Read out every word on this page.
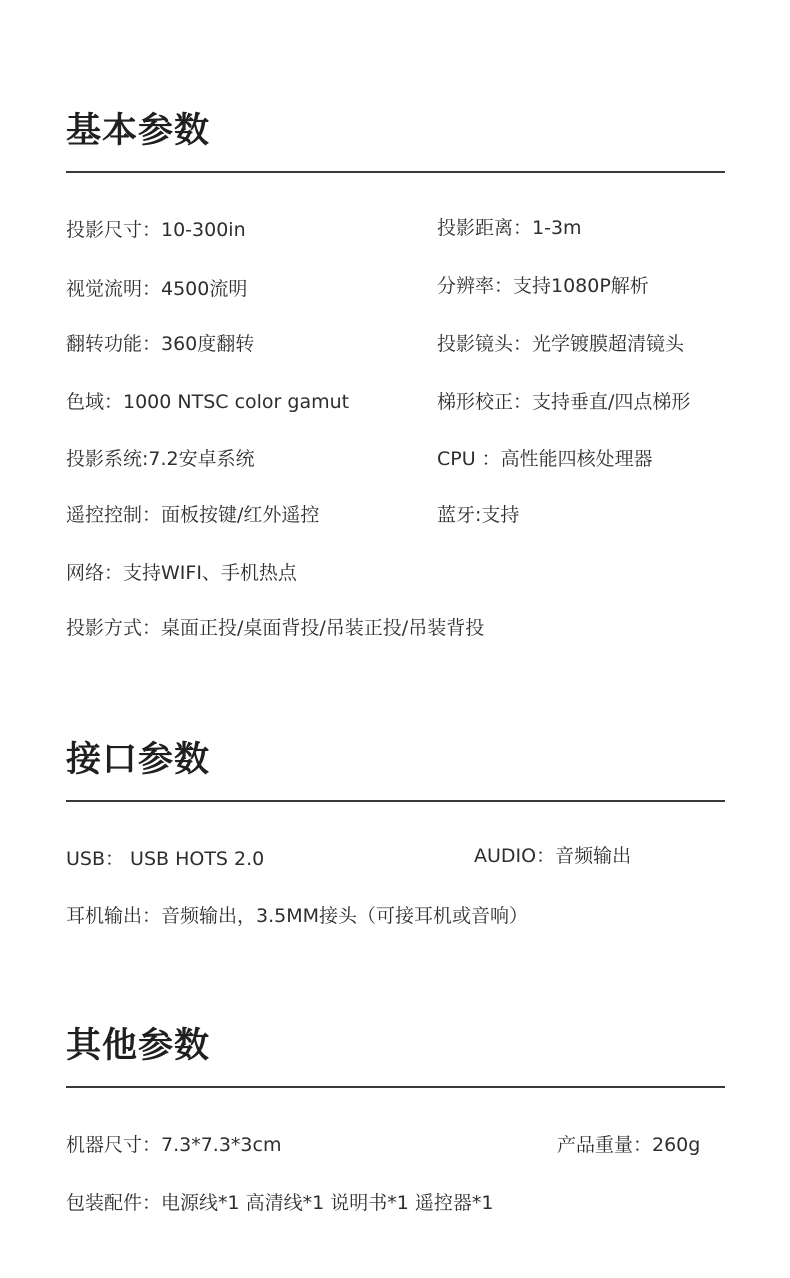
基本参数

投影尺寸：10-300in	投影距离：1-3m

视觉流明：4500流明	分辨率：支持1080P解析

翻转功能：360度翻转	投影镜头：光学镀膜超清镜头

色域：1000 NTSC color gamut	梯形校正：支持垂直/四点梯形

投影系统:7.2安卓系统	CPU ：高性能四核处理器

遥控控制：面板按键/红外遥控	蓝牙:支持

网络：支持WIFI、手机热点

投影方式：桌面正投/桌面背投/吊装正投/吊装背投

接口参数

USB： USB HOTS 2.0	AUDIO：音频输出

耳机输出：音频输出，3.5MM接头（可接耳机或音响）

其他参数

机器尺寸：7.3*7.3*3cm	产品重量：260g

包装配件：电源线*1 高清线*1 说明书*1 遥控器*1
